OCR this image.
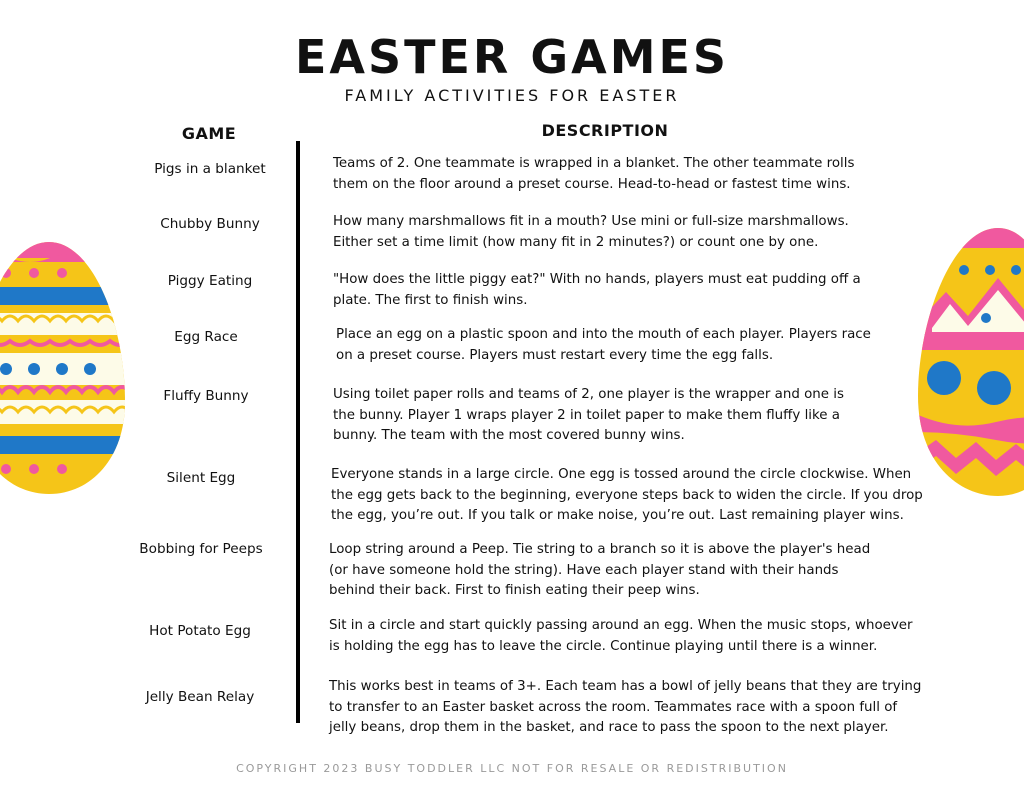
EASTER GAMES
FAMILY ACTIVITIES FOR EASTER
GAME	DESCRIPTION
Pigs in a blanket
Chubby Bunny
Piggy Eating
Egg Race
Fluffy Bunny
Silent Egg
Bobbing for Peeps
Hot Potato Egg
Jelly Bean Relay

Teams of 2. One teammate is wrapped in a blanket. The other teammate rolls
them on the floor around a preset course. Head-to-head or fastest time wins.

How many marshmallows fit in a mouth? Use mini or full-size marshmallows.
Either set a time limit (how many fit in 2 minutes?) or count one by one.

"How does the little piggy eat?" With no hands, players must eat pudding off a
plate. The first to finish wins.

Place an egg on a plastic spoon and into the mouth of each player. Players race
on a preset course. Players must restart every time the egg falls.

Using toilet paper rolls and teams of 2, one player is the wrapper and one is
the bunny. Player 1 wraps player 2 in toilet paper to make them fluffy like a
bunny. The team with the most covered bunny wins.

Everyone stands in a large circle. One egg is tossed around the circle clockwise. When
the egg gets back to the beginning, everyone steps back to widen the circle. If you drop
the egg, you’re out. If you talk or make noise, you’re out. Last remaining player wins.

Loop string around a Peep. Tie string to a branch so it is above the player's head
(or have someone hold the string). Have each player stand with their hands
behind their back. First to finish eating their peep wins.

Sit in a circle and start quickly passing around an egg. When the music stops, whoever
is holding the egg has to leave the circle. Continue playing until there is a winner.

This works best in teams of 3+. Each team has a bowl of jelly beans that they are trying
to transfer to an Easter basket across the room. Teammates race with a spoon full of
jelly beans, drop them in the basket, and race to pass the spoon to the next player.

COPYRIGHT 2023 BUSY TODDLER LLC NOT FOR RESALE OR REDISTRIBUTION
